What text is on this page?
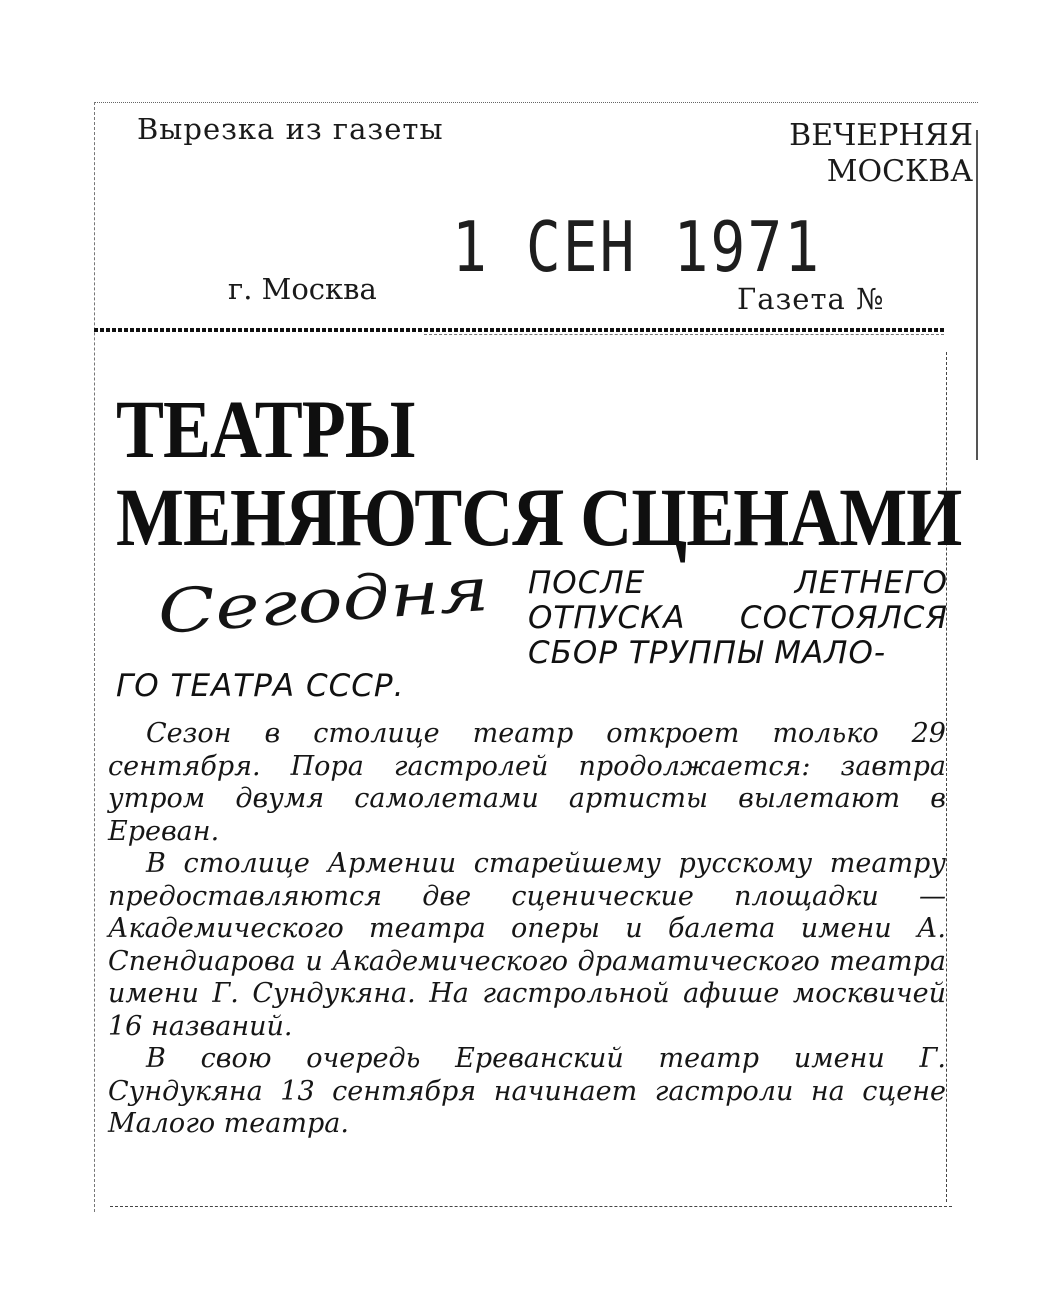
Вырезка из газеты	ВЕЧЕРНЯЯ
МОСКВА
1 СЕН 1971
г. Москва	Газета №
ТЕАТРЫ
МЕНЯЮТСЯ СЦЕНАМИ
Сегодня ПОСЛЕ ЛЕТНЕГО ОТПУСКА СОСТОЯЛСЯ СБОР ТРУППЫ МАЛО-
ГО ТЕАТРА СССР.

Сезон в столице театр откроет только 29 сентября. Пора гастролей продолжается: завтра утром двумя самолетами артисты вылетают в Ереван.

В столице Армении старейшему русскому театру предоставляются две сценические площадки — Академического театра оперы и балета имени А. Спендиарова и Академического драматического театра имени Г. Сундукяна. На гастрольной афише москвичей 16 названий.

В свою очередь Ереванский театр имени Г. Сундукяна 13 сентября начинает гастроли на сцене Малого театра.
